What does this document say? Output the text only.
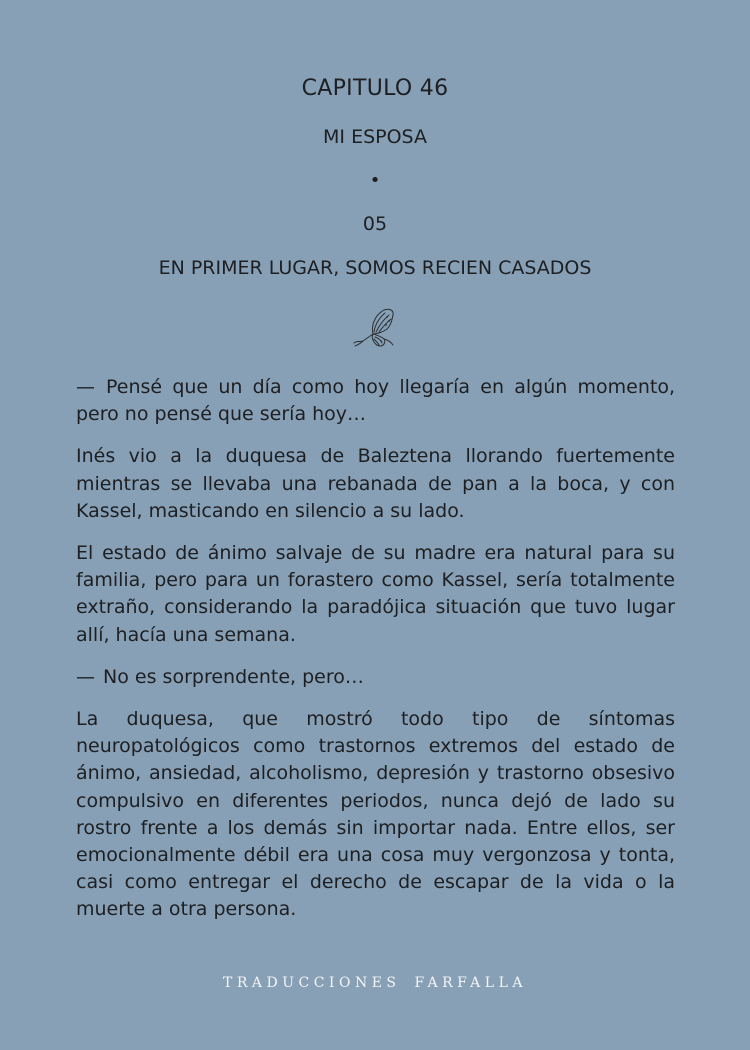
CAPITULO 46
MI ESPOSA
•
05
EN PRIMER LUGAR, SOMOS RECIEN CASADOS

— Pensé que un día como hoy llegaría en algún momento, pero no pensé que sería hoy…

Inés vio a la duquesa de Baleztena llorando fuertemente mientras se llevaba una rebanada de pan a la boca, y con Kassel, masticando en silencio a su lado.

El estado de ánimo salvaje de su madre era natural para su familia, pero para un forastero como Kassel, sería totalmente extraño, considerando la paradójica situación que tuvo lugar allí, hacía una semana.

— No es sorprendente, pero…

La duquesa, que mostró todo tipo de síntomas neuropatológicos como trastornos extremos del estado de ánimo, ansiedad, alcoholismo, depresión y trastorno obsesivo compulsivo en diferentes periodos, nunca dejó de lado su rostro frente a los demás sin importar nada. Entre ellos, ser emocionalmente débil era una cosa muy vergonzosa y tonta, casi como entregar el derecho de escapar de la vida o la muerte a otra persona.

TRADUCCIONES FARFALLA
